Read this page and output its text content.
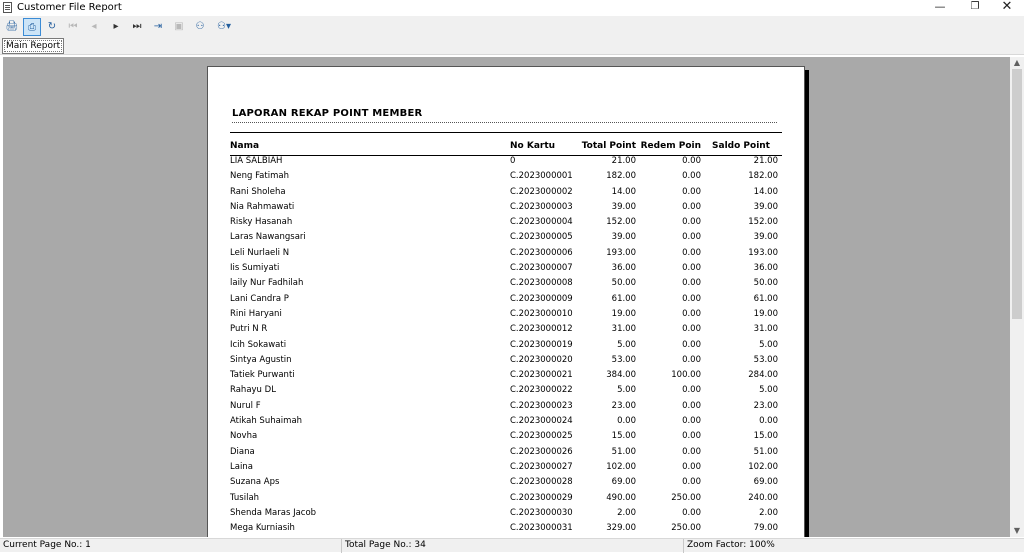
Customer File Report	—	❐	✕
🖨 ⎙	↻	⏮	◂	▸	⏭	⇥	▣	⚇	⚇▾
Main Report
LAPORAN REKAP POINT MEMBER
Nama	No Kartu	Total Point Redem Poin Saldo Point
LIA SALBIAH	0	21.00	0.00	21.00
Neng Fatimah	C.2023000001	182.00	0.00	182.00
Rani Sholeha	C.2023000002	14.00	0.00	14.00
Nia Rahmawati	C.2023000003	39.00	0.00	39.00
Risky Hasanah	C.2023000004	152.00	0.00	152.00
Laras Nawangsari	C.2023000005	39.00	0.00	39.00
Leli Nurlaeli N	C.2023000006	193.00	0.00	193.00
Iis Sumiyati	C.2023000007	36.00	0.00	36.00
laily Nur Fadhilah	C.2023000008	50.00	0.00	50.00
Lani Candra P	C.2023000009	61.00	0.00	61.00
Rini Haryani	C.2023000010	19.00	0.00	19.00
Putri N R	C.2023000012	31.00	0.00	31.00
Icih Sokawati	C.2023000019	5.00	0.00	5.00
Sintya Agustin	C.2023000020	53.00	0.00	53.00
Tatiek Purwanti	C.2023000021	384.00	100.00	284.00
Rahayu DL	C.2023000022	5.00	0.00	5.00
Nurul F	C.2023000023	23.00	0.00	23.00
Atikah Suhaimah	C.2023000024	0.00	0.00	0.00
Novha	C.2023000025	15.00	0.00	15.00
Diana	C.2023000026	51.00	0.00	51.00
Laina	C.2023000027	102.00	0.00	102.00
Suzana Aps	C.2023000028	69.00	0.00	69.00
Tusilah	C.2023000029	490.00	250.00	240.00
Shenda Maras Jacob	C.2023000030	2.00	0.00	2.00
Mega Kurniasih	C.2023000031	329.00	250.00	79.00
▲
▼
Current Page No.: 1	Total Page No.: 34	Zoom Factor: 100%
